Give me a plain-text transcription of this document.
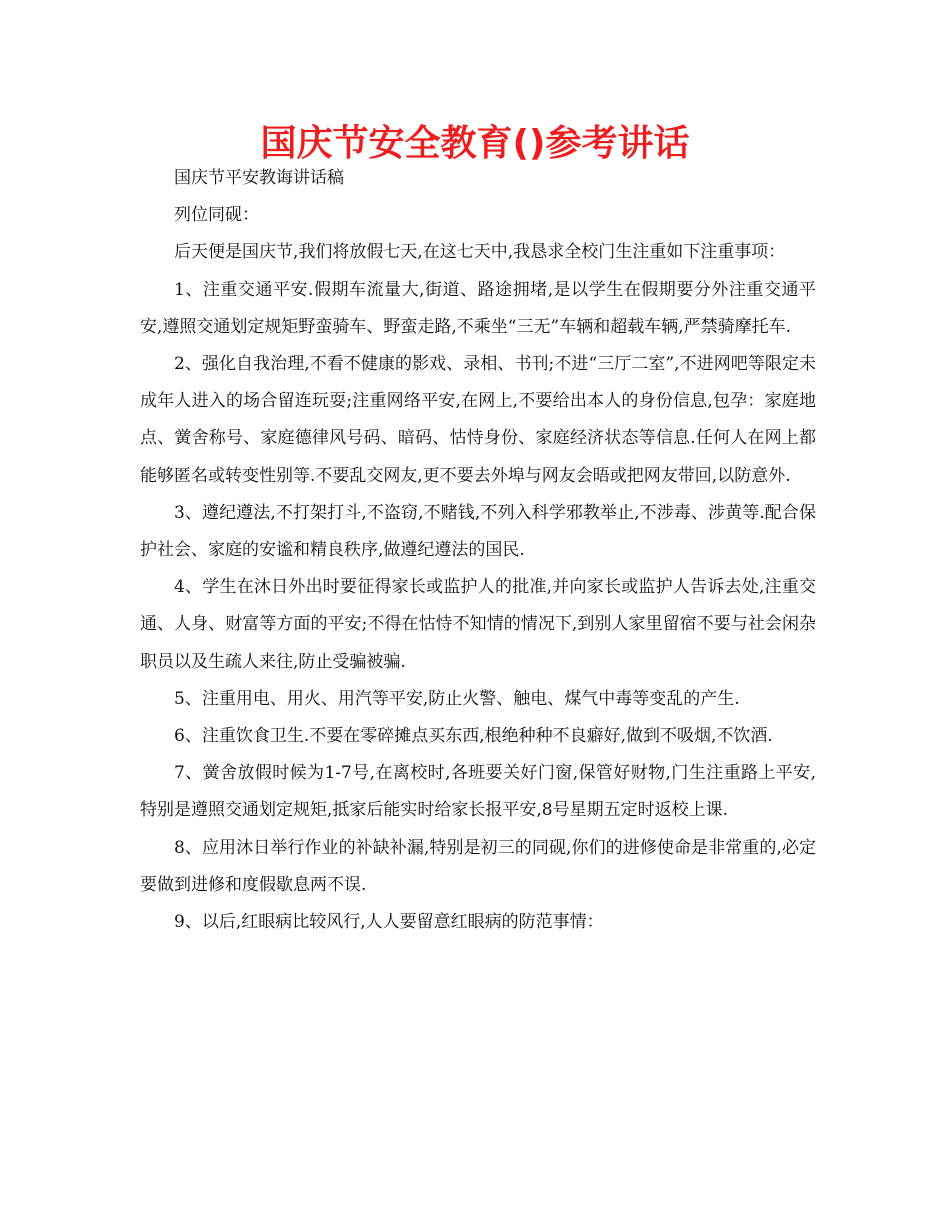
国庆节安全教育()参考讲话

国庆节平安教诲讲话稿

列位同砚：

后天便是国庆节,我们将放假七天,在这七天中,我恳求全校门生注重如下注重事项：

1、注重交通平安.假期车流量大,街道、路途拥堵,是以学生在假期要分外注重交通平安,遵照交通划定规矩野蛮骑车、野蛮走路,不乘坐“三无”车辆和超载车辆,严禁骑摩托车.

2、强化自我治理,不看不健康的影戏、录相、书刊;不进“三厅二室”,不进网吧等限定未成年人进入的场合留连玩耍;注重网络平安,在网上,不要给出本人的身份信息,包孕：家庭地点、黉舍称号、家庭德律风号码、暗码、怙恃身份、家庭经济状态等信息.任何人在网上都能够匿名或转变性别等.不要乱交网友,更不要去外埠与网友会晤或把网友带回,以防意外.

3、遵纪遵法,不打架打斗,不盗窃,不赌钱,不列入科学邪教举止,不涉毒、涉黄等.配合保护社会、家庭的安谧和精良秩序,做遵纪遵法的国民.

4、学生在沐日外出时要征得家长或监护人的批准,并向家长或监护人告诉去处,注重交通、人身、财富等方面的平安;不得在怙恃不知情的情况下,到别人家里留宿不要与社会闲杂职员以及生疏人来往,防止受骗被骗.

5、注重用电、用火、用汽等平安,防止火警、触电、煤气中毒等变乱的产生.

6、注重饮食卫生.不要在零碎摊点买东西,根绝种种不良癖好,做到不吸烟,不饮酒.

7、黉舍放假时候为1-7号,在离校时,各班要关好门窗,保管好财物,门生注重路上平安,特别是遵照交通划定规矩,抵家后能实时给家长报平安,8号星期五定时返校上课.

8、应用沐日举行作业的补缺补漏,特别是初三的同砚,你们的进修使命是非常重的,必定要做到进修和度假歇息两不误.

9、以后,红眼病比较风行,人人要留意红眼病的防范事情：
